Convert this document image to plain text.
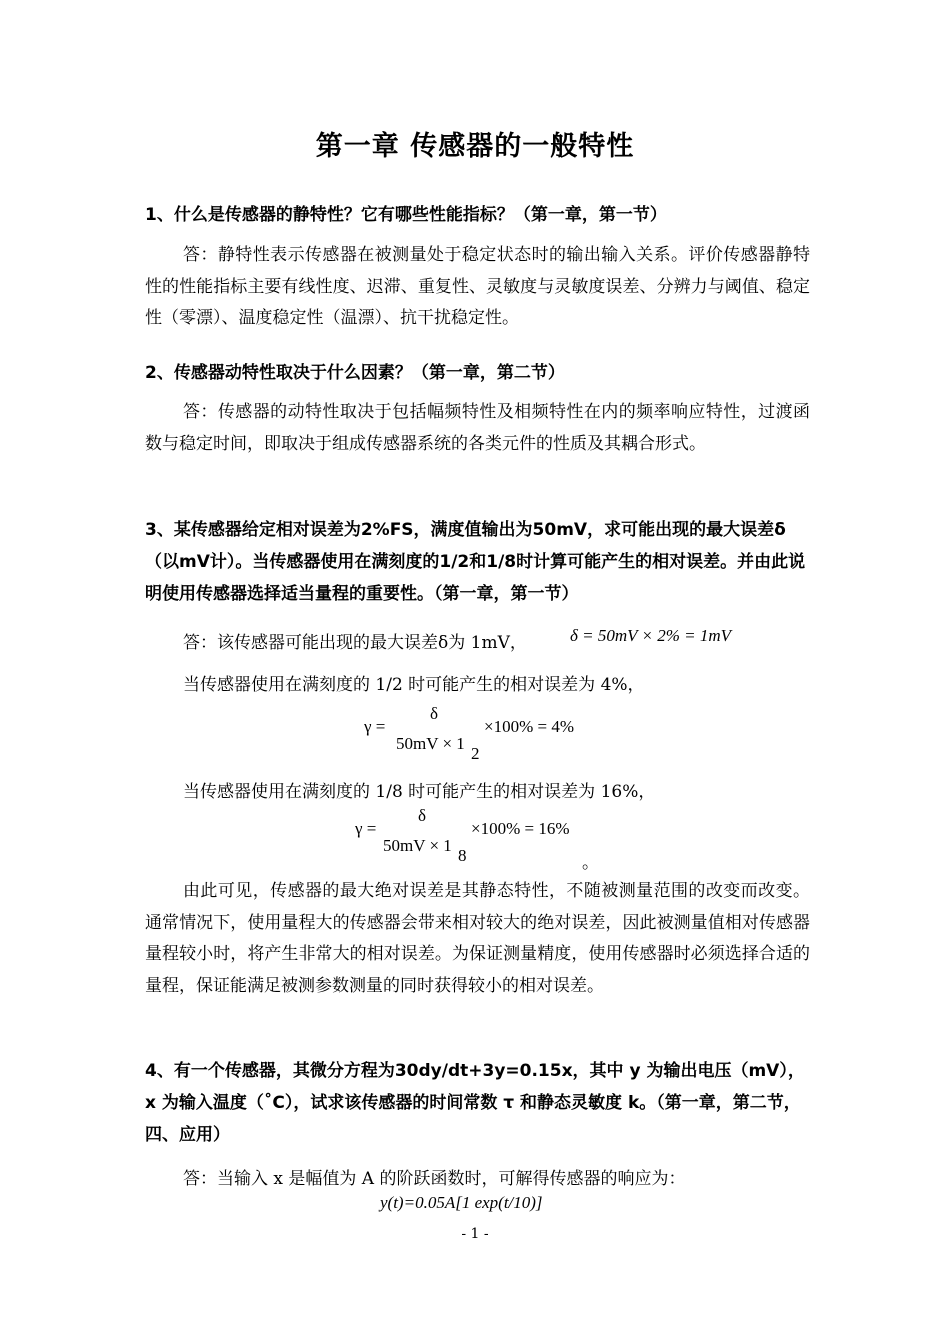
第一章 传感器的一般特性
1、什么是传感器的静特性？它有哪些性能指标？（第一章，第一节）
答：静特性表示传感器在被测量处于稳定状态时的输出输入关系。评价传感器静特性的性能指标主要有线性度、迟滞、重复性、灵敏度与灵敏度误差、分辨力与阈值、稳定性（零漂）、温度稳定性（温漂）、抗干扰稳定性。
2、传感器动特性取决于什么因素？（第一章，第二节）
答：传感器的动特性取决于包括幅频特性及相频特性在内的频率响应特性，过渡函数与稳定时间，即取决于组成传感器系统的各类元件的性质及其耦合形式。
3、某传感器给定相对误差为2%FS，满度值输出为50mV，求可能出现的最大误差δ（以mV计）。当传感器使用在满刻度的1/2和1/8时计算可能产生的相对误差。并由此说明使用传感器选择适当量程的重要性。（第一章，第一节）
答：该传感器可能出现的最大误差δ为 1mV，	δ = 50mV × 2% = 1mV
当传感器使用在满刻度的 1/2 时可能产生的相对误差为 4%，
γ =
δ
50mV × 1
2
×100% = 4%
当传感器使用在满刻度的 1/8 时可能产生的相对误差为 16%，
γ =
δ
50mV × 1
8
×100% = 16%
。
由此可见，传感器的最大绝对误差是其静态特性，不随被测量范围的改变而改变。通常情况下，使用量程大的传感器会带来相对较大的绝对误差，因此被测量值相对传感器量程较小时，将产生非常大的相对误差。为保证测量精度，使用传感器时必须选择合适的量程，保证能满足被测参数测量的同时获得较小的相对误差。
4、有一个传感器，其微分方程为30dy/dt+3y=0.15x，其中 y 为输出电压（mV），x 为输入温度（˚C），试求该传感器的时间常数 τ 和静态灵敏度 k。（第一章，第二节，四、应用）
答：当输入 x 是幅值为 A 的阶跃函数时，可解得传感器的响应为：
y(t)=0.05A[1 exp(t/10)]
- 1 -
